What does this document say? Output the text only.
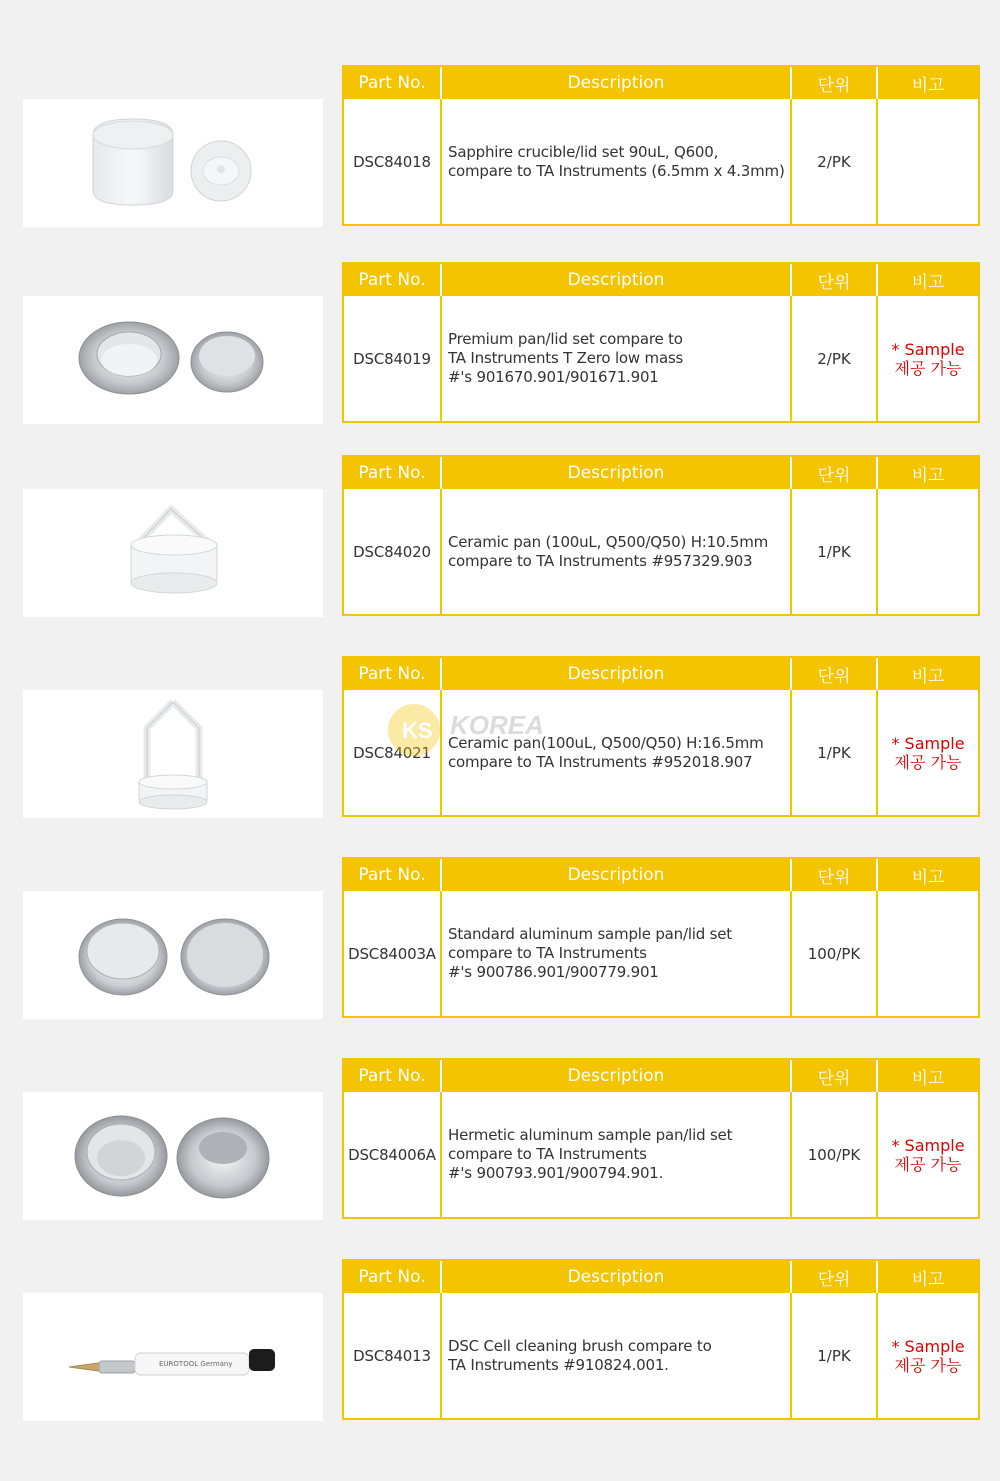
Part No.	Description	단위	비고
DSC84018
Sapphire crucible/lid set 90uL, Q600,
compare to TA Instruments (6.5mm x 4.3mm)	2/PK
Part No.	Description	단위	비고
DSC84019
Premium pan/lid set compare to
TA Instruments T Zero low mass
#'s 901670.901/901671.901
2/PK	* Sample
제공 가능
Part No.	Description	단위	비고
DSC84020
Ceramic pan (100uL, Q500/Q50) H:10.5mm
compare to TA Instruments #957329.903	1/PK
Part No.	Description	단위	비고
DSC84021
Ceramic pan(100uL, Q500/Q50) H:16.5mm
compare to TA Instruments #952018.907	1/PK	* Sample
제공 가능
Part No.	Description	단위	비고
DSC84003A
Standard aluminum sample pan/lid set
compare to TA Instruments
#'s 900786.901/900779.901
100/PK
Part No.	Description	단위	비고
DSC84006A
Hermetic aluminum sample pan/lid set
compare to TA Instruments
#'s 900793.901/900794.901.
100/PK	* Sample
제공 가능
EUROTOOL Germany
Part No.	Description	단위	비고
DSC84013
DSC Cell cleaning brush compare to
TA Instruments #910824.001.	1/PK	* Sample
제공 가능
KS KOREA
